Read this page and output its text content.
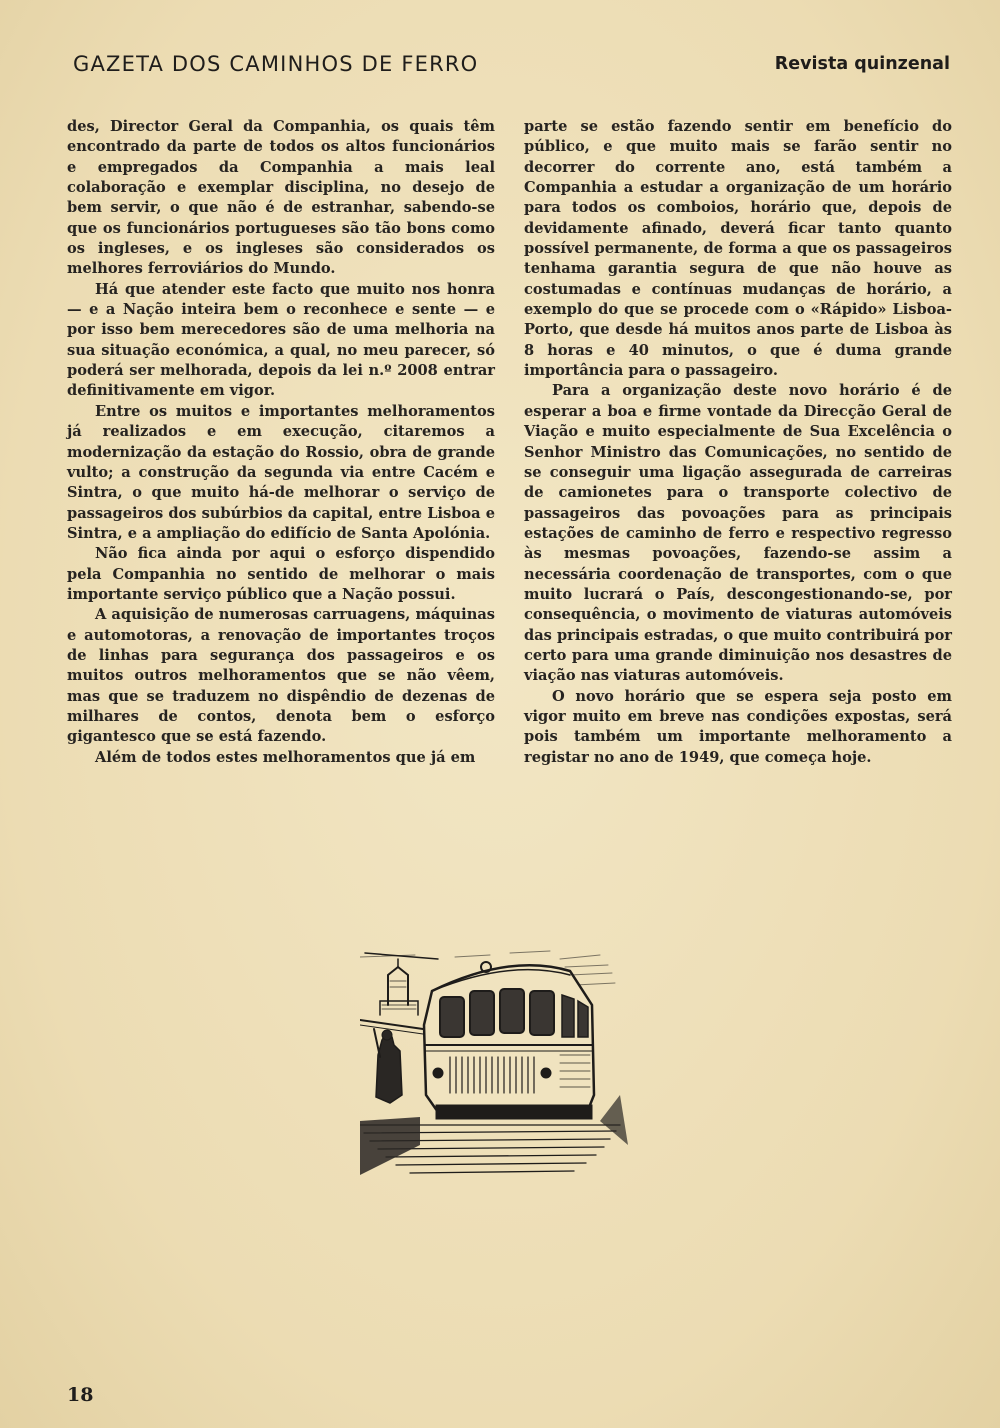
GAZETA DOS CAMINHOS DE FERRO	Revista quinzenal

des, Director Geral da Companhia, os quais têm encontrado da parte de todos os altos funcionários e empregados da Companhia a mais leal colaboração e exemplar disciplina, no desejo de bem servir, o que não é de estranhar, sabendo-se que os funcionários portugueses são tão bons como os ingleses, e os ingleses são considerados os melhores ferroviários do Mundo.

Há que atender este facto que muito nos honra — e a Nação inteira bem o reconhece e sente — e por isso bem merecedores são de uma melhoria na sua situação económica, a qual, no meu parecer, só poderá ser melhorada, depois da lei n.º 2008 entrar definitivamente em vigor.

Entre os muitos e importantes melhoramentos já realizados e em execução, citaremos a modernização da estação do Rossio, obra de grande vulto; a construção da segunda via entre Cacém e Sintra, o que muito há-de melhorar o serviço de passageiros dos subúrbios da capital, entre Lisboa e Sintra, e a ampliação do edifício de Santa Apolónia.

Não fica ainda por aqui o esforço dispendido pela Companhia no sentido de melhorar o mais importante serviço público que a Nação possui.

A aquisição de numerosas carruagens, máquinas e automotoras, a renovação de importantes troços de linhas para segurança dos passageiros e os muitos outros melhoramentos que se não vêem, mas que se traduzem no dispêndio de dezenas de milhares de contos, denota bem o esforço gigantesco que se está fazendo.

Além de todos estes melhoramentos que já em

parte se estão fazendo sentir em benefício do público, e que muito mais se farão sentir no decorrer do corrente ano, está também a Companhia a estudar a organização de um horário para todos os comboios, horário que, depois de devidamente afinado, deverá ficar tanto quanto possível permanente, de forma a que os passageiros tenhama garantia segura de que não houve as costumadas e contínuas mudanças de horário, a exemplo do que se procede com o «Rápido» Lisboa-Porto, que desde há muitos anos parte de Lisboa às 8 horas e 40 minutos, o que é duma grande importância para o passageiro.

Para a organização deste novo horário é de esperar a boa e firme vontade da Direcção Geral de Viação e muito especialmente de Sua Excelência o Senhor Ministro das Comunicações, no sentido de se conseguir uma ligação assegurada de carreiras de camionetes para o transporte colectivo de passageiros das povoações para as principais estações de caminho de ferro e respectivo regresso às mesmas povoações, fazendo-se assim a necessária coordenação de transportes, com o que muito lucrará o País, descongestionando-se, por consequência, o movimento de viaturas automóveis das principais estradas, o que muito contribuirá por certo para uma grande diminuição nos desastres de viação nas viaturas automóveis.

O novo horário que se espera seja posto em vigor muito em breve nas condições expostas, será pois também um importante melhoramento a registar no ano de 1949, que começa hoje.

18
